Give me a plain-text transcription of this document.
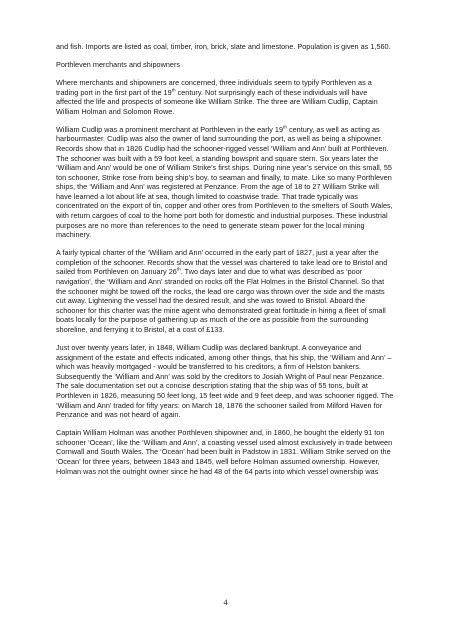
and fish. Imports are listed as coal, timber, iron, brick, slate and limestone. Population is given as 1,560.

Porthleven merchants and shipowners

Where merchants and shipowners are concerned, three individuals seem to typify Porthleven as a trading port in the first part of the 19th century. Not surprisingly each of these individuals will have affected the life and prospects of someone like William Strike. The three are William Cudlip, Captain William Holman and Solomon Rowe.

William Cudlip was a prominent merchant at Porthleven in the early 19th century, as well as acting as harbourmaster. Cudlip was also the owner of land surrounding the port, as well as being a shipowner. Records show that in 1826 Cudlip had the schooner-rigged vessel ‘William and Ann’ built at Porthleven. The schooner was built with a 59 foot keel, a standing bowsprit and square stern. Six years later the ‘William and Ann’ would be one of William Strike’s first ships. During nine year’s service on this small, 55 ton schooner, Strike rose from being ship’s boy, to seaman and finally, to mate. Like so many Porthleven ships, the ‘William and Ann’ was registered at Penzance. From the age of 18 to 27 William Strike will have learned a lot about life at sea, though limited to coastwise trade. That trade typically was concentrated on the export of tin, copper and other ores from Porthleven to the smelters of South Wales, with return cargoes of coal to the home port both for domestic and industrial purposes. These industrial purposes are no more than references to the need to generate steam power for the local mining machinery.

A fairly typical charter of the ‘William and Ann’ occurred in the early part of 1827, just a year after the completion of the schooner. Records show that the vessel was chartered to take lead ore to Bristol and sailed from Porthleven on January 26th. Two days later and due to what was described as ‘poor navigation’, the ‘William and Ann’ stranded on rocks off the Flat Holmes in the Bristol Channel. So that the schooner might be towed off the rocks, the lead ore cargo was thrown over the side and the masts cut away. Lightening the vessel had the desired result, and she was towed to Bristol. Aboard the schooner for this charter was the mine agent who demonstrated great fortitude in hiring a fleet of small boats locally for the purpose of gathering up as much of the ore as possible from the surrounding shoreline, and ferrying it to Bristol, at a cost of £133.

Just over twenty years later, in 1848, William Cudlip was declared bankrupt. A conveyance and assignment of the estate and effects indicated, among other things, that his ship, the ‘William and Ann’ – which was heavily mortgaged - would be transferred to his creditors, a firm of Helston bankers. Subsequently the ‘William and Ann’ was sold by the creditors to Josiah Wright of Paul near Penzance. The sale documentation set out a concise description stating that the ship was of 55 tons, built at Porthleven in 1826, measuring 50 feet long, 15 feet wide and 9 feet deep, and was schooner rigged. The ‘William and Ann’ traded for fifty years: on March 18, 1876 the schooner sailed from Milford Haven for Penzance and was not heard of again.

Captain William Holman was another Porthleven shipowner and, in 1860, he bought the elderly 91 ton schooner ‘Ocean’, like the ‘William and Ann’, a coasting vessel used almost exclusively in trade between Cornwall and South Wales. The ‘Ocean’ had been built in Padstow in 1831. William Strike served on the ‘Ocean’ for three years, between 1843 and 1845, well before Holman assumed ownership. However, Holman was not the outright owner since he had 48 of the 64 parts into which vessel ownership was

4
